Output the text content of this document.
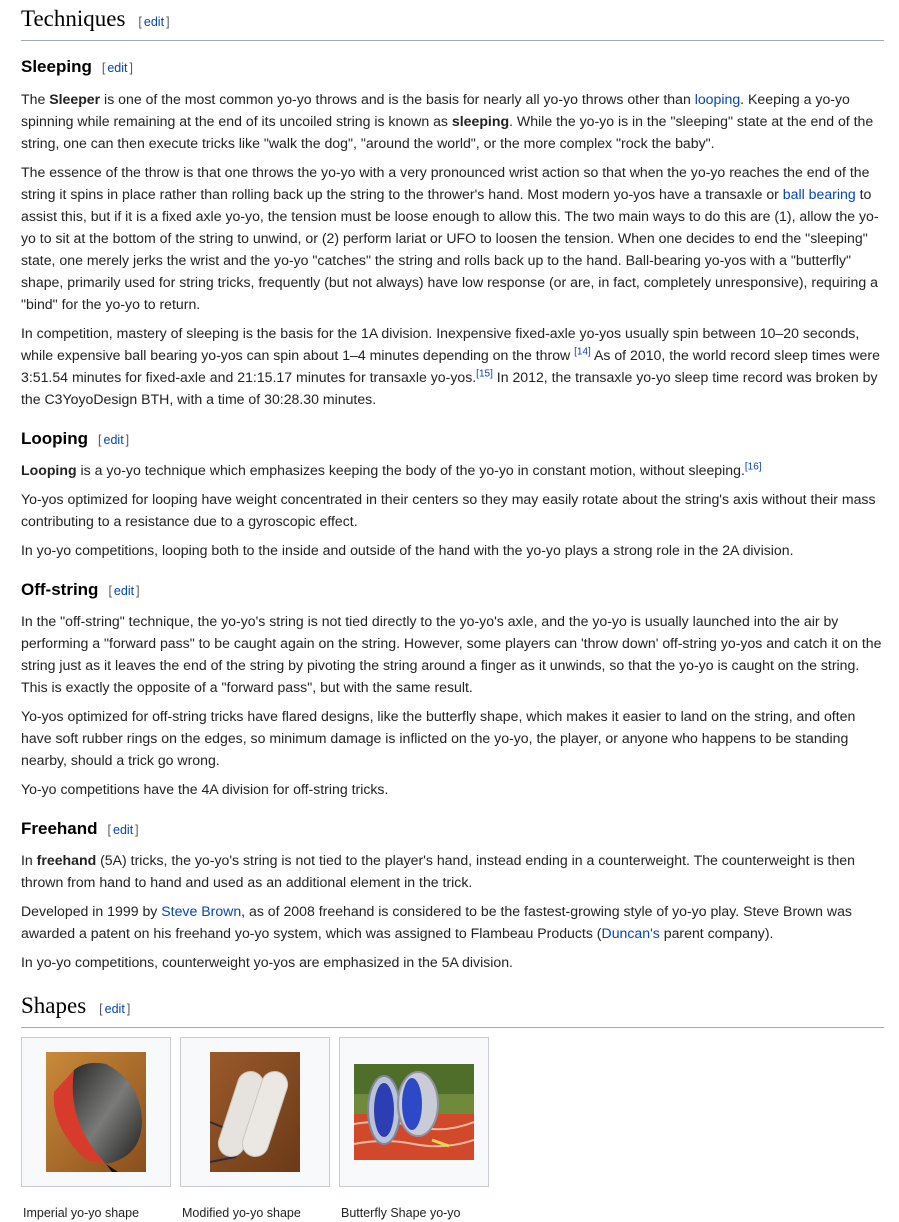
Techniques [ edit ]
Sleeping [ edit ]

The Sleeper is one of the most common yo-yo throws and is the basis for nearly all yo-yo throws other than looping. Keeping a yo-yo spinning while remaining at the end of its uncoiled string is known as sleeping. While the yo-yo is in the "sleeping" state at the end of the string, one can then execute tricks like "walk the dog", "around the world", or the more complex "rock the baby".

The essence of the throw is that one throws the yo-yo with a very pronounced wrist action so that when the yo-yo reaches the end of the string it spins in place rather than rolling back up the string to the thrower's hand. Most modern yo-yos have a transaxle or ball bearing to assist this, but if it is a fixed axle yo-yo, the tension must be loose enough to allow this. The two main ways to do this are (1), allow the yo-yo to sit at the bottom of the string to unwind, or (2) perform lariat or UFO to loosen the tension. When one decides to end the "sleeping" state, one merely jerks the wrist and the yo-yo "catches" the string and rolls back up to the hand. Ball-bearing yo-yos with a "butterfly" shape, primarily used for string tricks, frequently (but not always) have low response (or are, in fact, completely unresponsive), requiring a "bind" for the yo-yo to return.

In competition, mastery of sleeping is the basis for the 1A division. Inexpensive fixed-axle yo-yos usually spin between 10–20 seconds, while expensive ball bearing yo-yos can spin about 1–4 minutes depending on the throw [14] As of 2010, the world record sleep times were 3:51.54 minutes for fixed-axle and 21:15.17 minutes for transaxle yo-yos.[15] In 2012, the transaxle yo-yo sleep time record was broken by the C3YoyoDesign BTH, with a time of 30:28.30 minutes.

Looping [ edit ]

Looping is a yo-yo technique which emphasizes keeping the body of the yo-yo in constant motion, without sleeping.[16]

Yo-yos optimized for looping have weight concentrated in their centers so they may easily rotate about the string's axis without their mass contributing to a resistance due to a gyroscopic effect.

In yo-yo competitions, looping both to the inside and outside of the hand with the yo-yo plays a strong role in the 2A division.

Off-string [ edit ]

In the "off-string" technique, the yo-yo's string is not tied directly to the yo-yo's axle, and the yo-yo is usually launched into the air by performing a "forward pass" to be caught again on the string. However, some players can 'throw down' off-string yo-yos and catch it on the string just as it leaves the end of the string by pivoting the string around a finger as it unwinds, so that the yo-yo is caught on the string. This is exactly the opposite of a "forward pass", but with the same result.

Yo-yos optimized for off-string tricks have flared designs, like the butterfly shape, which makes it easier to land on the string, and often have soft rubber rings on the edges, so minimum damage is inflicted on the yo-yo, the player, or anyone who happens to be standing nearby, should a trick go wrong.

Yo-yo competitions have the 4A division for off-string tricks.

Freehand [ edit ]

In freehand (5A) tricks, the yo-yo's string is not tied to the player's hand, instead ending in a counterweight. The counterweight is then thrown from hand to hand and used as an additional element in the trick.

Developed in 1999 by Steve Brown, as of 2008 freehand is considered to be the fastest-growing style of yo-yo play. Steve Brown was awarded a patent on his freehand yo-yo system, which was assigned to Flambeau Products (Duncan's parent company).

In yo-yo competitions, counterweight yo-yos are emphasized in the 5A division.

Shapes [ edit ]
Imperial yo-yo shape	Modified yo-yo shape	Butterfly Shape yo-yo
